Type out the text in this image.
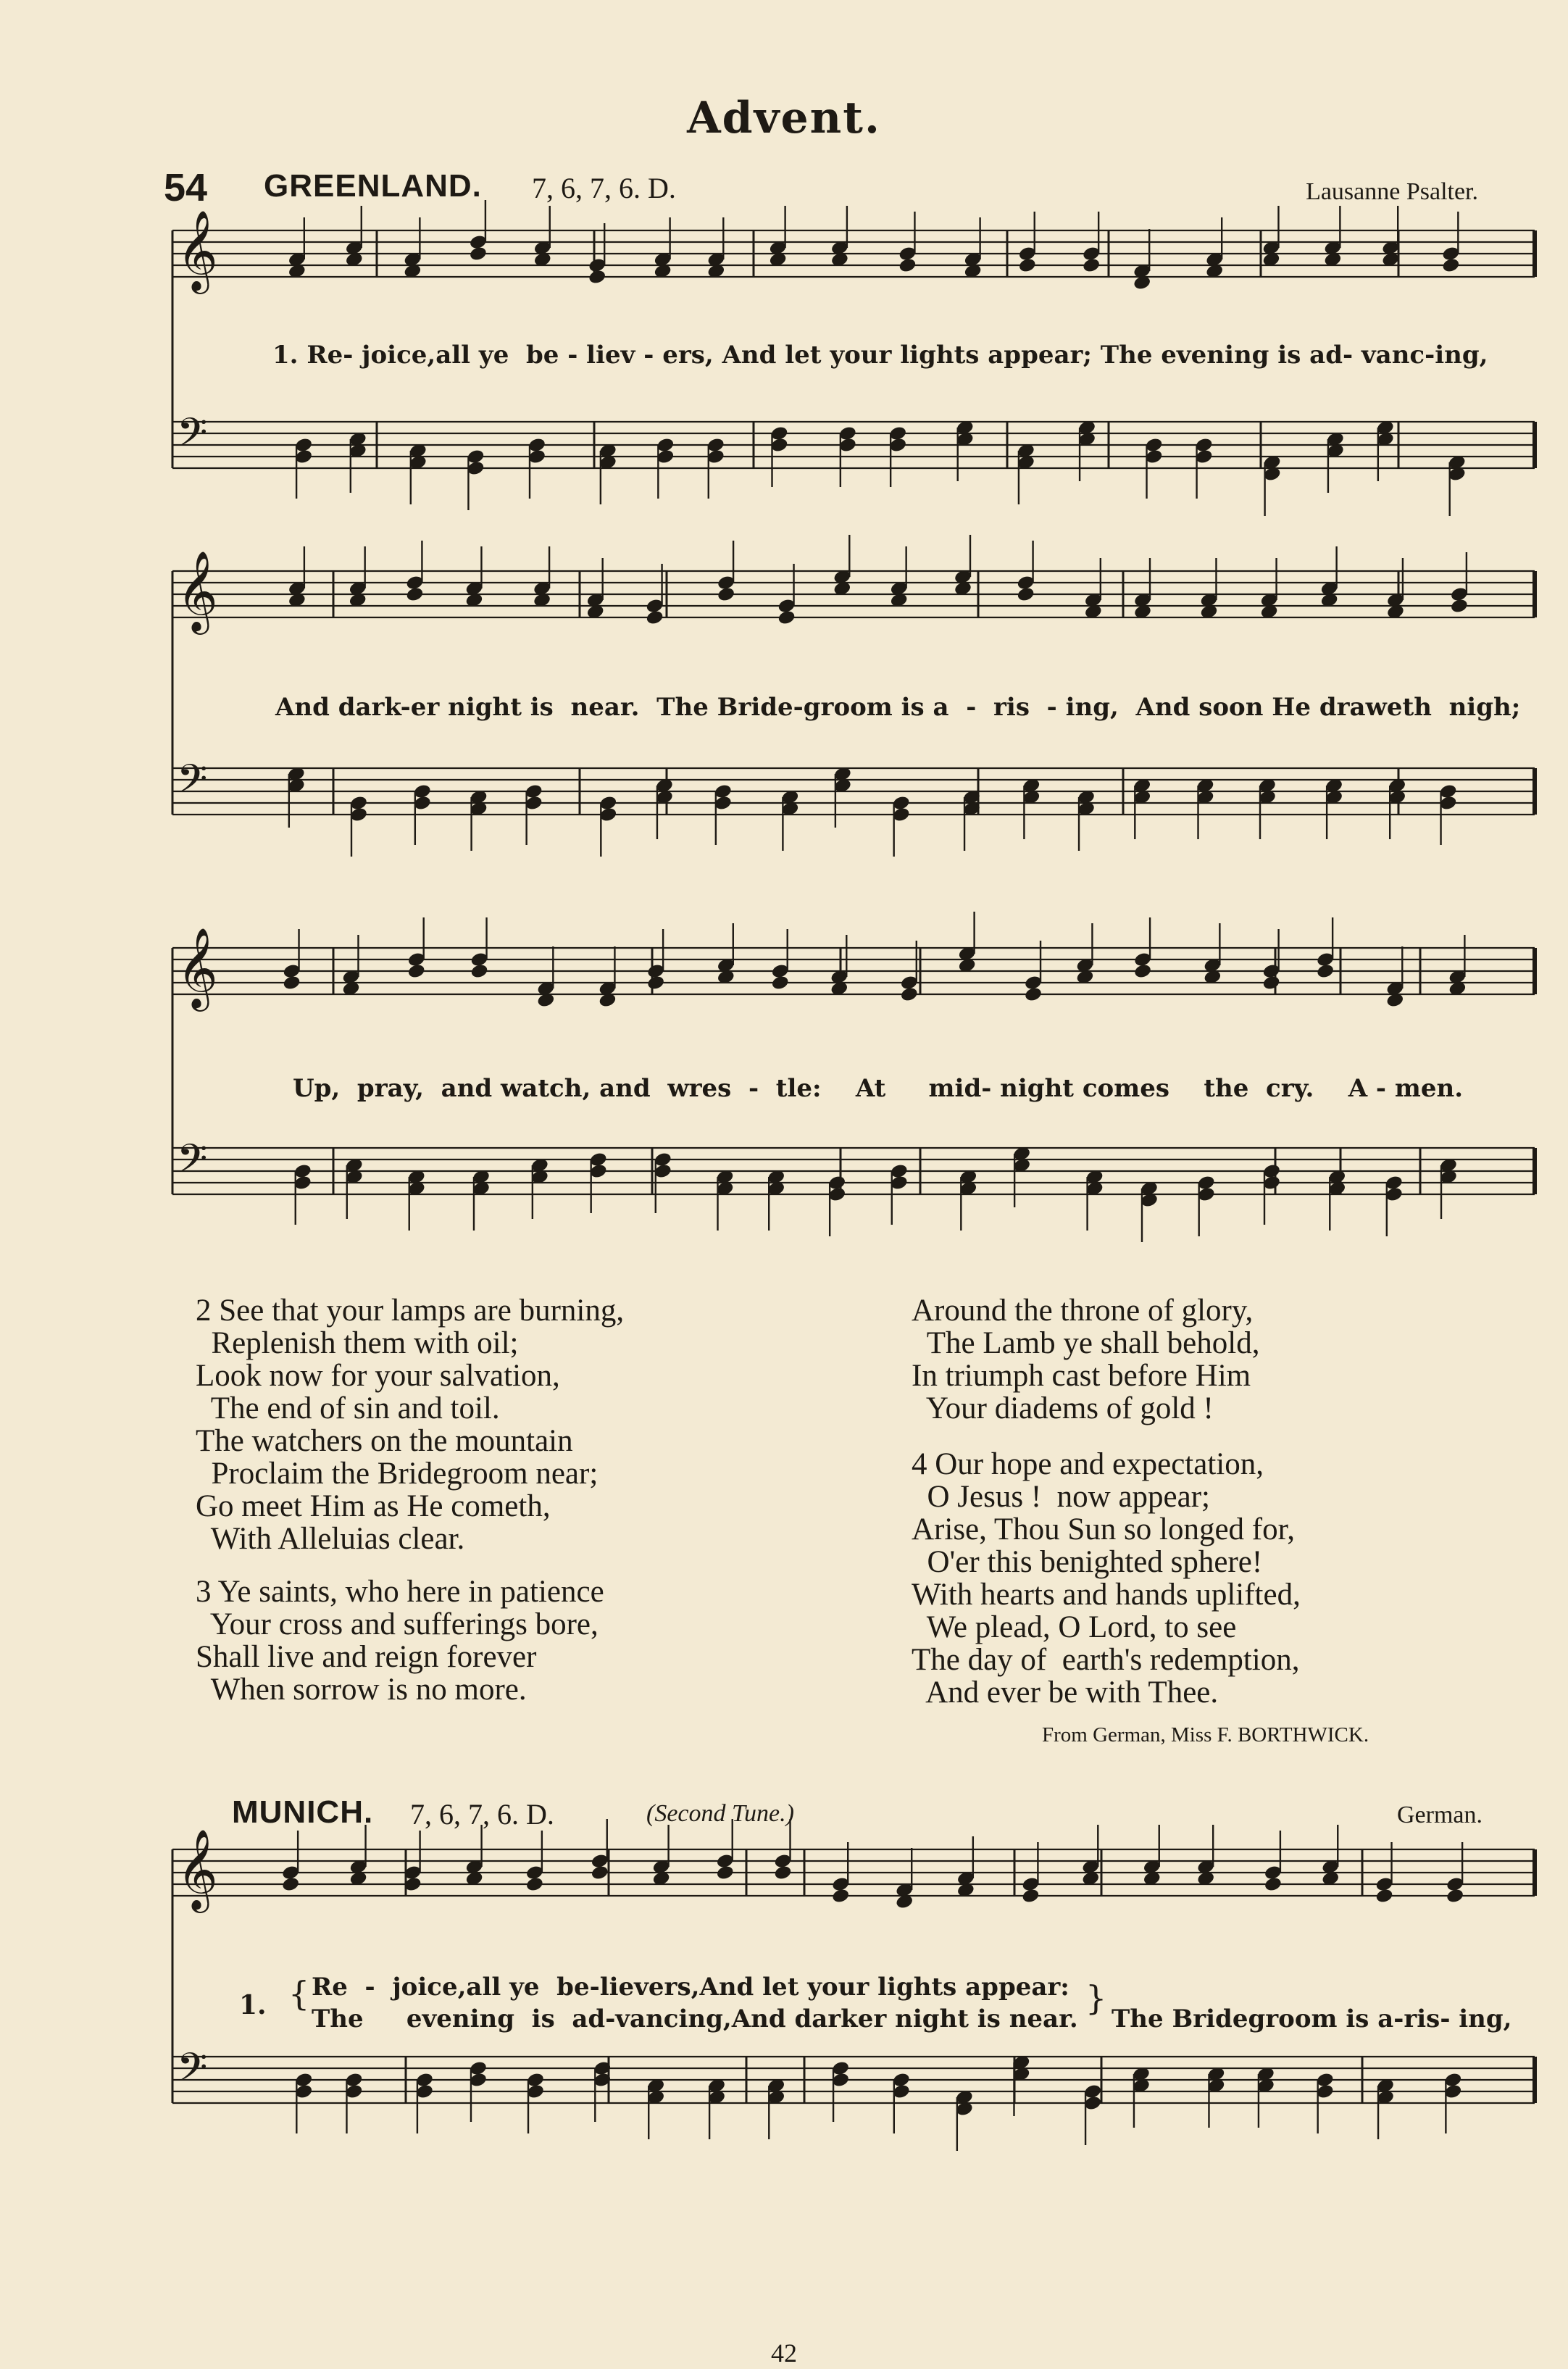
Advent.
54 GREENLAND. 7, 6, 7, 6. D.	Lausanne Psalter.
𝄞
𝄢
𝄞
𝄢
𝄞
𝄢
𝄞
𝄢
1. Re- joice,all ye  be - liev - ers, And let your lights appear; The evening is ad- vanc-ing,
And dark-er night is  near.  The Bride-groom is a  -  ris  - ing,  And soon He draweth  nigh;
Up,  pray,  and watch, and  wres  -  tle:    At     mid- night comes    the  cry.    A - men.
2 See that your lamps are burning,
Replenish them with oil;
Look now for your salvation,
The end of sin and toil.
The watchers on the mountain
Proclaim the Bridegroom near;
Go meet Him as He cometh,
With Alleluias clear.
3 Ye saints, who here in patience
Your cross and sufferings bore,
Shall live and reign forever
When sorrow is no more.
Around the throne of glory,
The Lamb ye shall behold,
In triumph cast before Him
Your diadems of gold !
4 Our hope and expectation,
O Jesus !  now appear;
Arise, Thou Sun so longed for,
O'er this benighted sphere!
With hearts and hands uplifted,
We plead, O Lord, to see
The day of  earth's redemption,
And ever be with Thee.
From German, Miss F. BORTHWICK.
MUNICH. 7, 6, 7, 6. D.	(Second Tune.)	German.
1. { Re  -  joice,all ye  be-lievers,And let your lights appear:
The     evening  is  ad-vancing,And darker night is near.
}
The Bridegroom is a-ris- ing,
42
